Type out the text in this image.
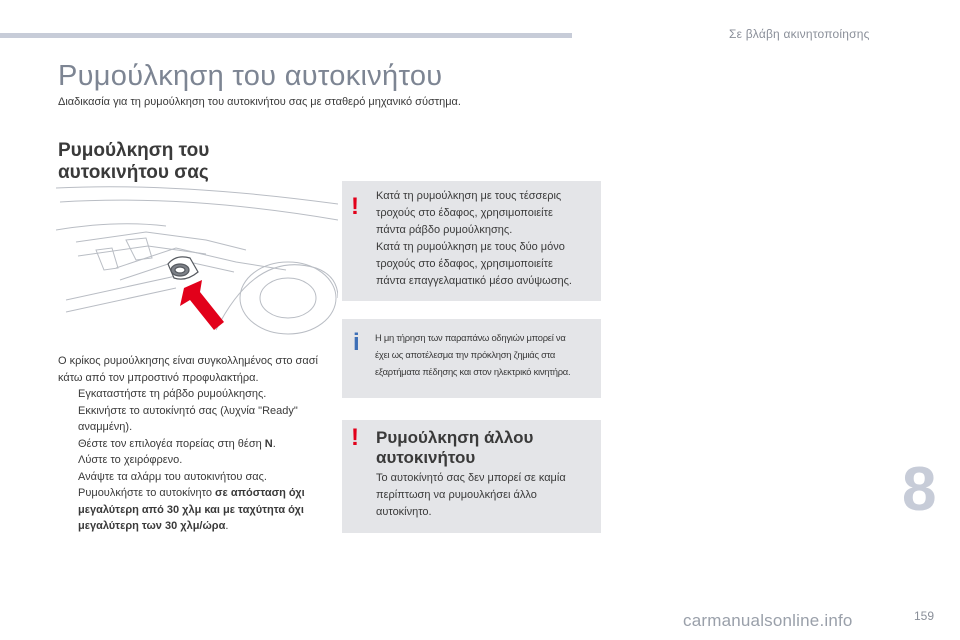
Σε βλάβη ακινητοποίησης
Ρυμούλκηση του αυτοκινήτου

Διαδικασία για τη ρυμούλκηση του αυτοκινήτου σας με σταθερό μηχανικό σύστημα.

Ρυμούλκηση του αυτοκινήτου σας

Ο κρίκος ρυμούλκησης είναι συγκολλημένος στο σασί κάτω από τον μπροστινό προφυλακτήρα.

Εγκαταστήστε τη ράβδο ρυμούλκησης.
Εκκινήστε το αυτοκίνητό σας (λυχνία "Ready" αναμμένη).
Θέστε τον επιλογέα πορείας στη θέση N.
Λύστε το χειρόφρενο.
Ανάψτε τα αλάρμ του αυτοκινήτου σας.
Ρυμουλκήστε το αυτοκίνητο σε απόσταση όχι μεγαλύτερη από 30 χλμ και με ταχύτητα όχι μεγαλύτερη των 30 χλμ/ώρα.
! Κατά τη ρυμούλκηση με τους τέσσερις

τροχούς στο έδαφος, χρησιμοποιείτε

πάντα ράβδο ρυμούλκησης.

Κατά τη ρυμούλκηση με τους δύο μόνο

τροχούς στο έδαφος, χρησιμοποιείτε

πάντα επαγγελαματικό μέσο ανύψωσης.

i Η μη τήρηση των παραπάνω οδηγιών μπορεί να

έχει ως αποτέλεσμα την πρόκληση ζημιάς στα

εξαρτήματα πέδησης και στον ηλεκτρικό κινητήρα.

! Ρυμούλκηση άλλου αυτοκινήτου

Το αυτοκίνητό σας δεν μπορεί σε καμία

περίπτωση να ρυμουλκήσει άλλο

αυτοκίνητο.	8
159
carmanualsonline.info
